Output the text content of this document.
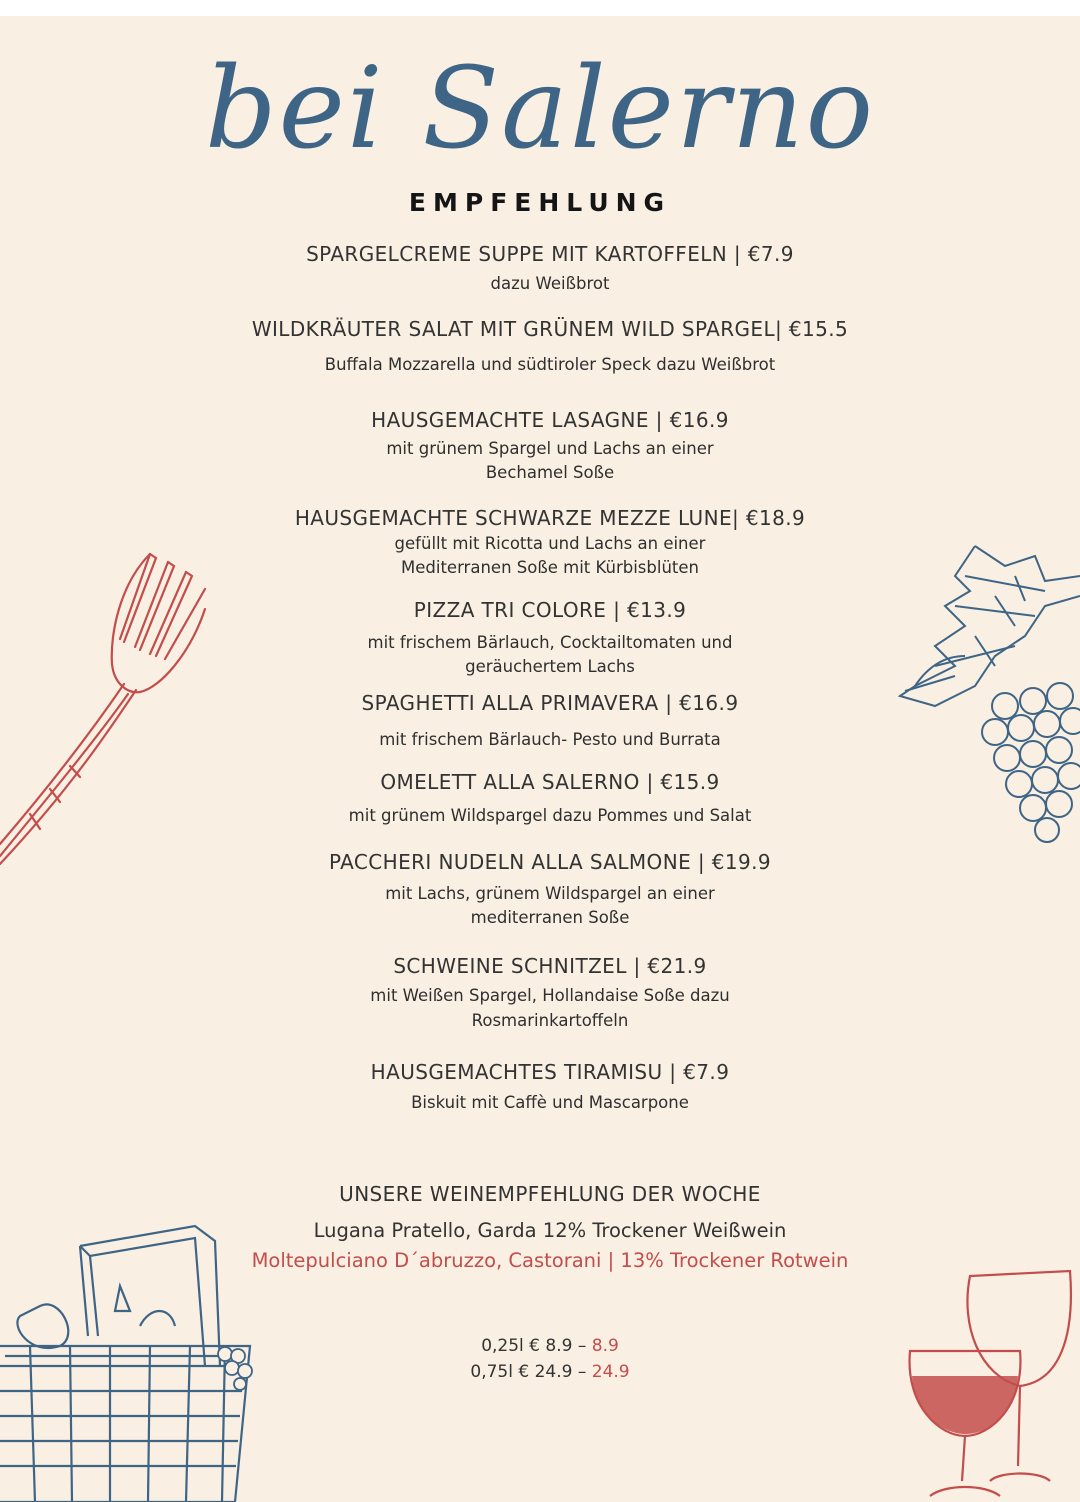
bei Salerno
EMPFEHLUNG
SPARGELCREME SUPPE MIT KARTOFFELN | €7.9
dazu Weißbrot
WILDKRÄUTER SALAT MIT GRÜNEM WILD SPARGEL| €15.5
Buffala Mozzarella und südtiroler Speck dazu Weißbrot
HAUSGEMACHTE LASAGNE | €16.9
mit grünem Spargel und Lachs an einer
Bechamel Soße
HAUSGEMACHTE SCHWARZE MEZZE LUNE| €18.9
gefüllt mit Ricotta und Lachs an einer
Mediterranen Soße mit Kürbisblüten
PIZZA TRI COLORE | €13.9
mit frischem Bärlauch, Cocktailtomaten und
geräuchertem Lachs
SPAGHETTI ALLA PRIMAVERA | €16.9
mit frischem Bärlauch- Pesto und Burrata
OMELETT ALLA SALERNO | €15.9
mit grünem Wildspargel dazu Pommes und Salat
PACCHERI NUDELN ALLA SALMONE | €19.9
mit Lachs, grünem Wildspargel an einer
mediterranen Soße
SCHWEINE SCHNITZEL | €21.9
mit Weißen Spargel, Hollandaise Soße dazu
Rosmarinkartoffeln
HAUSGEMACHTES TIRAMISU | €7.9
Biskuit mit Caffè und Mascarpone
UNSERE WEINEMPFEHLUNG DER WOCHE
Lugana Pratello, Garda 12% Trockener Weißwein
Moltepulciano D´abruzzo, Castorani | 13% Trockener Rotwein
0,25l € 8.9 – 8.9
0,75l € 24.9 – 24.9
